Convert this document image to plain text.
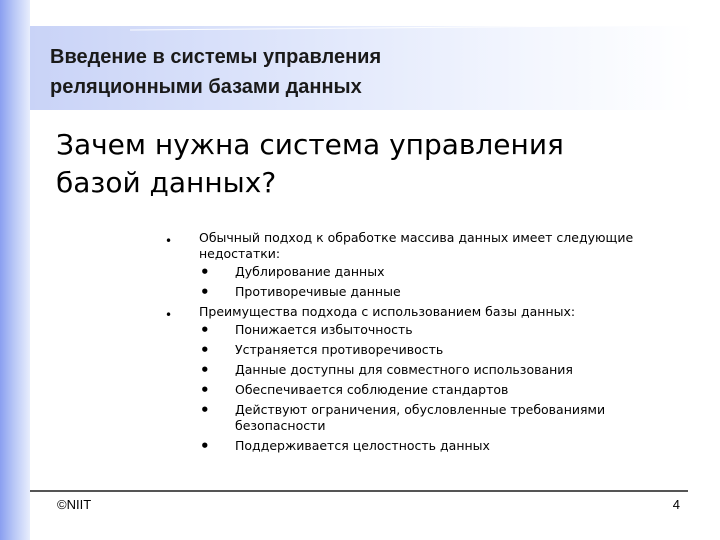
Введение в системы управления
реляционными базами данных
Зачем нужна система управления
базой данных?
• Обычный подход к обработке массива данных имеет следующие недостатки:
• Дублирование данных
• Противоречивые данные
• Преимущества подхода с использованием базы данных:
• Понижается избыточность
• Устраняется противоречивость
• Данные доступны для совместного использования
• Обеспечивается соблюдение стандартов
• Действуют ограничения, обусловленные требованиями безопасности
• Поддерживается целостность данных
©NIIT	4
